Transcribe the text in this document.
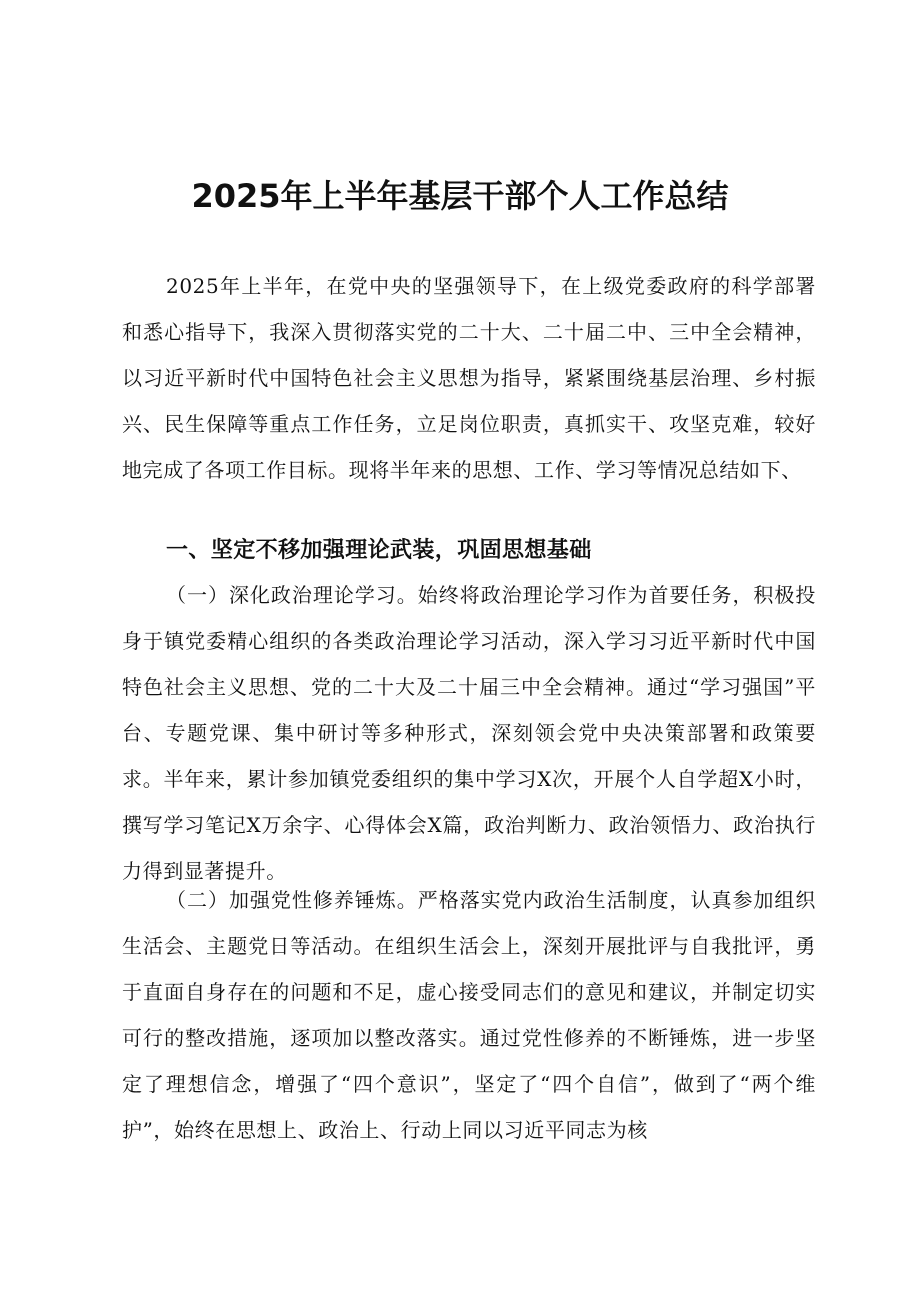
2025年上半年基层干部个人工作总结

2025年上半年，在党中央的坚强领导下，在上级党委政府的科学部署和悉心指导下，我深入贯彻落实党的二十大、二十届二中、三中全会精神，以习近平新时代中国特色社会主义思想为指导，紧紧围绕基层治理、乡村振兴、民生保障等重点工作任务，立足岗位职责，真抓实干、攻坚克难，较好地完成了各项工作目标。现将半年来的思想、工作、学习等情况总结如下、

一、坚定不移加强理论武装，巩固思想基础

（一）深化政治理论学习。始终将政治理论学习作为首要任务，积极投身于镇党委精心组织的各类政治理论学习活动，深入学习习近平新时代中国特色社会主义思想、党的二十大及二十届三中全会精神。通过“学习强国”平台、专题党课、集中研讨等多种形式，深刻领会党中央决策部署和政策要求。半年来，累计参加镇党委组织的集中学习X次，开展个人自学超X小时，撰写学习笔记X万余字、心得体会X篇，政治判断力、政治领悟力、政治执行力得到显著提升。

（二）加强党性修养锤炼。严格落实党内政治生活制度，认真参加组织生活会、主题党日等活动。在组织生活会上，深刻开展批评与自我批评，勇于直面自身存在的问题和不足，虚心接受同志们的意见和建议，并制定切实可行的整改措施，逐项加以整改落实。通过党性修养的不断锤炼，进一步坚定了理想信念，增强了“四个意识”，坚定了“四个自信”，做到了“两个维护”，始终在思想上、政治上、行动上同以习近平同志为核
